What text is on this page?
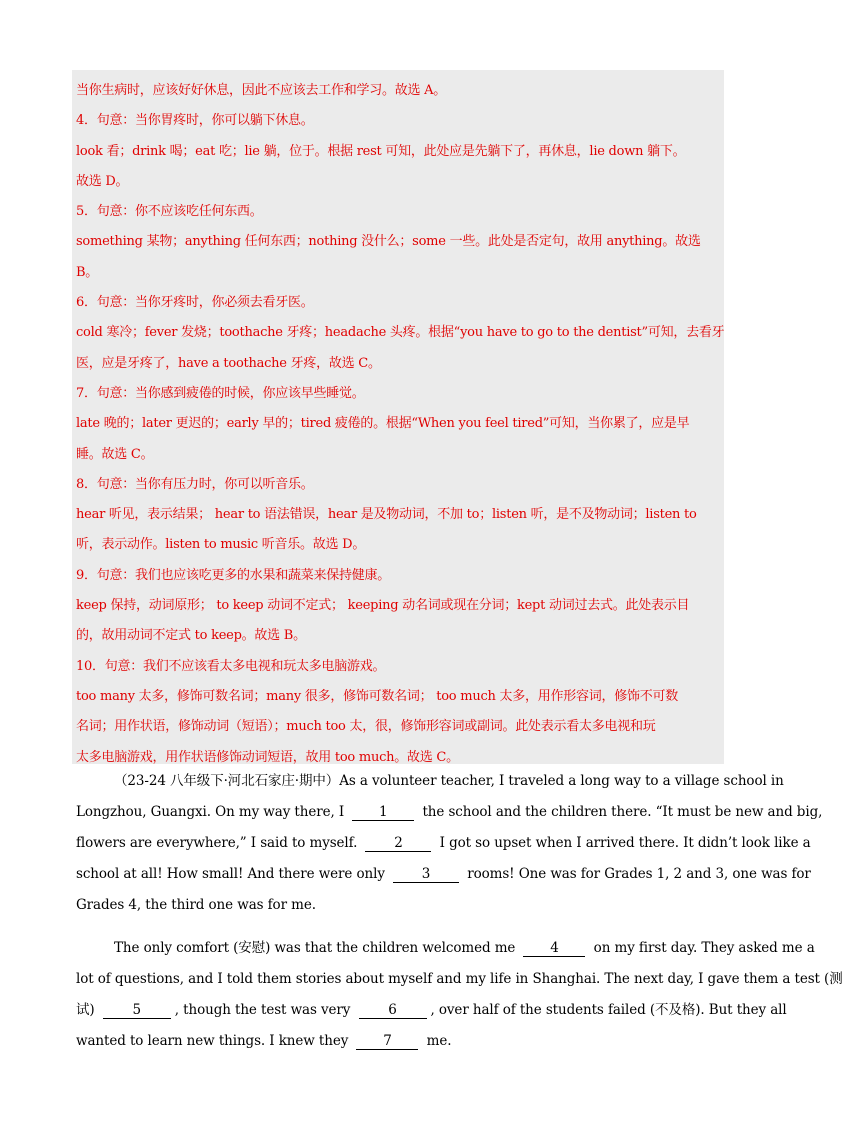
当你生病时，应该好好休息，因此不应该去工作和学习。故选 A。
4．句意：当你胃疼时，你可以躺下休息。
look 看；drink 喝；eat 吃；lie 躺，位于。根据 rest 可知，此处应是先躺下了，再休息，lie down 躺下。
故选 D。
5．句意：你不应该吃任何东西。
something 某物；anything 任何东西；nothing 没什么；some 一些。此处是否定句，故用 anything。故选
B。
6．句意：当你牙疼时，你必须去看牙医。
cold 寒冷；fever 发烧；toothache 牙疼；headache 头疼。根据“you have to go to the dentist”可知，去看牙
医，应是牙疼了，have a toothache 牙疼，故选 C。
7．句意：当你感到疲倦的时候，你应该早些睡觉。
late 晚的；later 更迟的；early 早的；tired 疲倦的。根据“When you feel tired”可知，当你累了，应是早
睡。故选 C。
8．句意：当你有压力时，你可以听音乐。
hear 听见，表示结果； hear to 语法错误，hear 是及物动词，不加 to；listen 听，是不及物动词；listen to
听，表示动作。listen to music 听音乐。故选 D。
9．句意：我们也应该吃更多的水果和蔬菜来保持健康。
keep 保持，动词原形； to keep 动词不定式； keeping 动名词或现在分词；kept 动词过去式。此处表示目
的，故用动词不定式 to keep。故选 B。
10．句意：我们不应该看太多电视和玩太多电脑游戏。
too many 太多，修饰可数名词；many 很多，修饰可数名词； too much 太多，用作形容词，修饰不可数
名词；用作状语，修饰动词（短语）；much too 太，很，修饰形容词或副词。此处表示看太多电视和玩
太多电脑游戏，用作状语修饰动词短语，故用 too much。故选 C。
（23-24 八年级下·河北石家庄·期中）As a volunteer teacher, I traveled a long way to a village school in
Longzhou, Guangxi. On my way there, I 1 the school and the children there. “It must be new and big,
flowers are everywhere,” I said to myself. 2 I got so upset when I arrived there. It didn’t look like a
school at all! How small! And there were only 3 rooms! One was for Grades 1, 2 and 3, one was for
Grades 4, the third one was for me.
The only comfort (安慰) was that the children welcomed me 4 on my first day. They asked me a
lot of questions, and I told them stories about myself and my life in Shanghai. The next day, I gave them a test (测
试)	5	, though the test was very	6	, over half of the students failed (不及格). But they all
wanted to learn new things. I knew they 7 me.
